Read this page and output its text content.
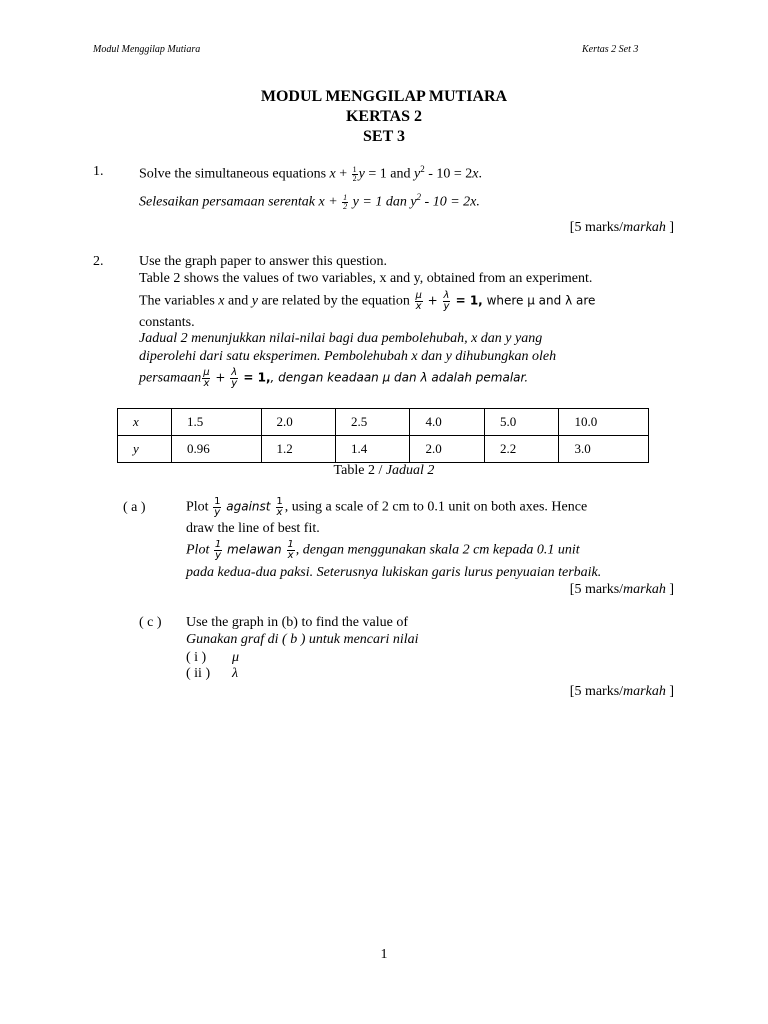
Modul Menggilap Mutiara	Kertas 2 Set 3
MODUL MENGGILAP MUTIARA
KERTAS 2
SET 3
1.	Solve the simultaneous equations $x + \frac{1}{2}$ y = 1 and $y^2 - 10 = 2x$.
Selesaikan persamaan serentak $x + \frac{1}{2}$ y = 1 dan $y^2 - 10 = 2x$.
[5 marks/markah ]
2.	Use the graph paper to answer this question.
Table 2 shows the values of two variables, x and y, obtained from an experiment.
The variables x and y are related by the equation $\frac{\mu}{x} + \frac{\lambda}{y} = 1$, where μ and λ are
constants.
Jadual 2 menunjukkan nilai-nilai bagi dua pembolehubah, x dan y yang
diperolehi dari satu eksperimen. Pembolehubah x dan y dihubungkan oleh
persamaan $\frac{\mu}{x} + \frac{\lambda}{y} = 1$,, dengan keadaan μ dan λ adalah pemalar.
x	1.5	2.0	2.5	4.0	5.0	10.0
y	0.96	1.2	1.4	2.0	2.2	3.0
Table 2 / Jadual 2
( a )	Plot $\frac{1}{y}$ against $\frac{1}{x}$ , using a scale of 2 cm to 0.1 unit on both axes. Hence
draw the line of best fit.
Plot $\frac{1}{y}$ melawan $\frac{1}{x}$ , dengan menggunakan skala 2 cm kepada 0.1 unit
pada kedua-dua paksi. Seterusnya lukiskan garis lurus penyuaian terbaik.
[5 marks/markah ]
( c ) Use the graph in (b) to find the value of
Gunakan graf di ( b ) untuk mencari nilai
( i ) μ
( ii ) λ
[5 marks/markah ]
1
